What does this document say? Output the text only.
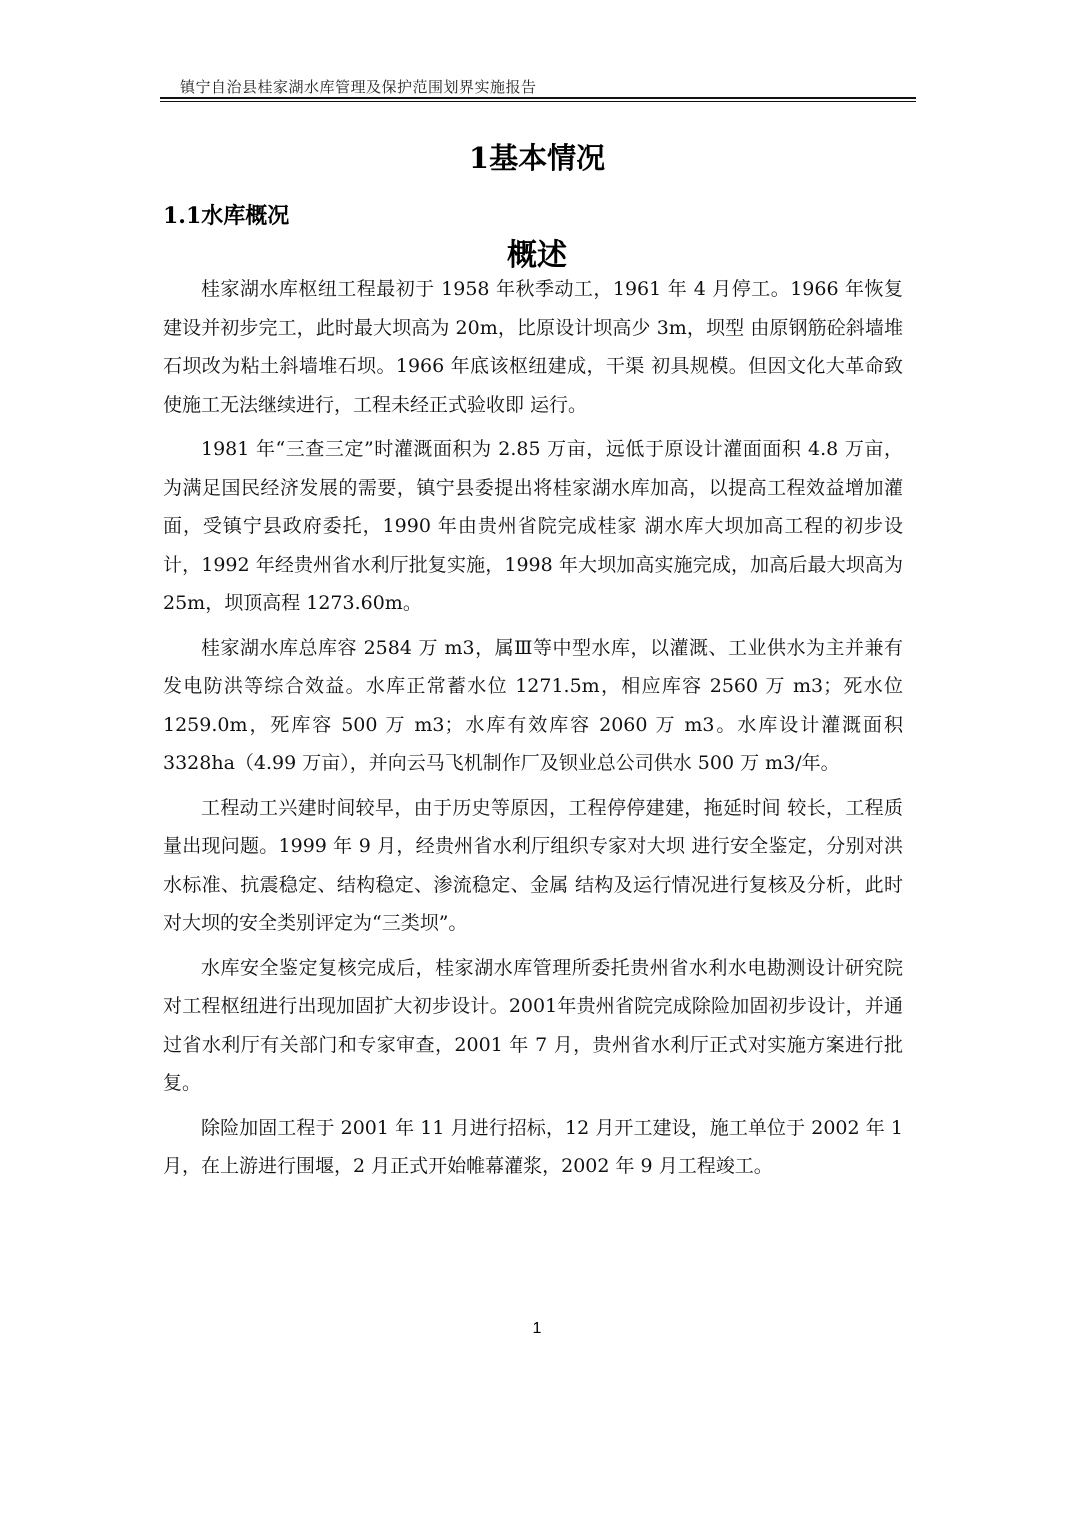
镇宁自治县桂家湖水库管理及保护范围划界实施报告
1基本情况
1.1水库概况
概述

桂家湖水库枢纽工程最初于 1958 年秋季动工，1961 年 4 月停工。1966 年恢复建设并初步完工，此时最大坝高为 20m，比原设计坝高少 3m，坝型 由原钢筋砼斜墙堆石坝改为粘土斜墙堆石坝。1966 年底该枢纽建成，干渠 初具规模。但因文化大革命致使施工无法继续进行，工程未经正式验收即 运行。

1981 年“三查三定”时灌溉面积为 2.85 万亩，远低于原设计灌面面积 4.8 万亩，为满足国民经济发展的需要，镇宁县委提出将桂家湖水库加高，以提高工程效益增加灌面，受镇宁县政府委托，1990 年由贵州省院完成桂家 湖水库大坝加高工程的初步设计，1992 年经贵州省水利厅批复实施，1998 年大坝加高实施完成，加高后最大坝高为 25m，坝顶高程 1273.60m。

桂家湖水库总库容 2584 万 m3，属Ⅲ等中型水库，以灌溉、工业供水为主并兼有发电防洪等综合效益。水库正常蓄水位 1271.5m，相应库容 2560 万 m3；死水位 1259.0m，死库容 500 万 m3；水库有效库容 2060 万 m3。水库设计灌溉面积 3328ha（4.99 万亩），并向云马飞机制作厂及钡业总公司供水 500 万 m3/年。

工程动工兴建时间较早，由于历史等原因，工程停停建建，拖延时间 较长，工程质量出现问题。1999 年 9 月，经贵州省水利厅组织专家对大坝 进行安全鉴定，分别对洪水标准、抗震稳定、结构稳定、渗流稳定、金属 结构及运行情况进行复核及分析，此时对大坝的安全类别评定为“三类坝”。

水库安全鉴定复核完成后，桂家湖水库管理所委托贵州省水利水电勘测设计研究院对工程枢纽进行出现加固扩大初步设计。2001年贵州省院完成除险加固初步设计，并通过省水利厅有关部门和专家审查，2001 年 7 月，贵州省水利厅正式对实施方案进行批复。

除险加固工程于 2001 年 11 月进行招标，12 月开工建设，施工单位于 2002 年 1 月，在上游进行围堰，2 月正式开始帷幕灌浆，2002 年 9 月工程竣工。

1
